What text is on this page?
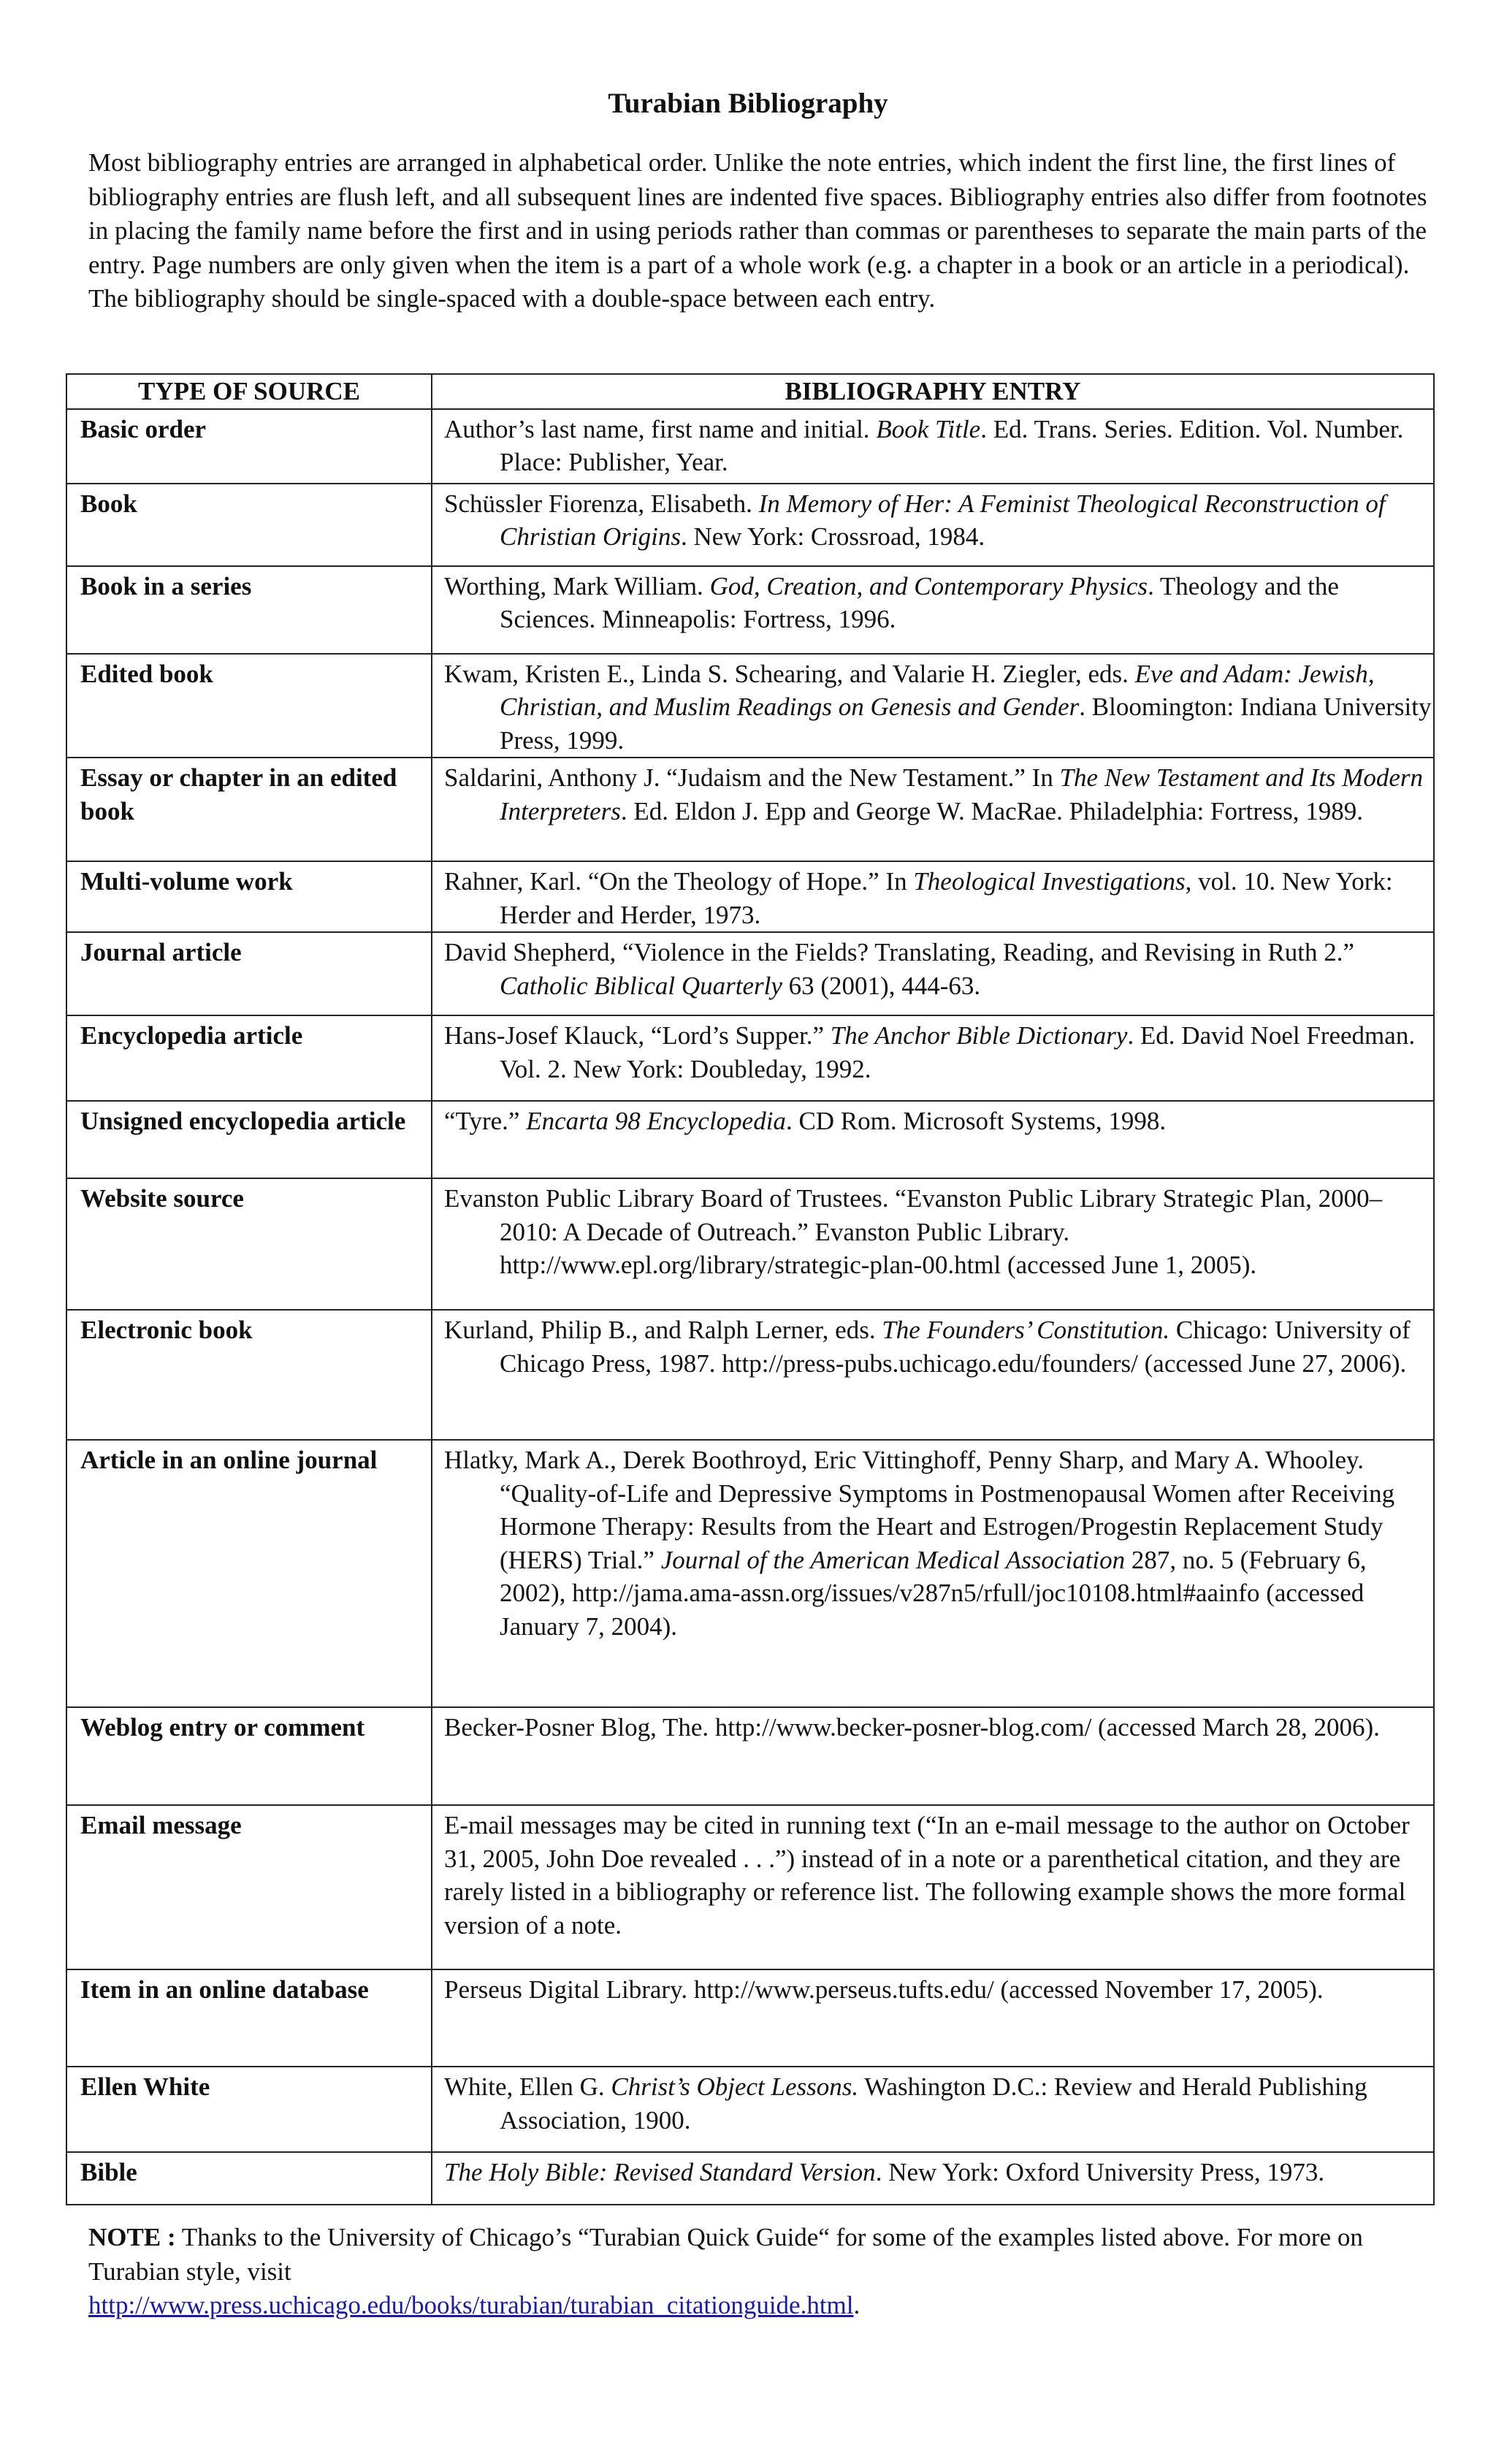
Turabian Bibliography
Most bibliography entries are arranged in alphabetical order. Unlike the note entries, which indent the first line, the first lines of bibliography entries are flush left, and all subsequent lines are indented five spaces. Bibliography entries also differ from footnotes in placing the family name before the first and in using periods rather than commas or parentheses to separate the main parts of the entry. Page numbers are only given when the item is a part of a whole work (e.g. a chapter in a book or an article in a periodical). The bibliography should be single-spaced with a double-space between each entry.
TYPE OF SOURCE	BIBLIOGRAPHY ENTRY
Basic order	Author’s last name, first name and initial. Book Title. Ed. Trans. Series. Edition. Vol. Number. Place: Publisher, Year.

Book	Schüssler Fiorenza, Elisabeth. In Memory of Her: A Feminist Theological Reconstruction of Christian Origins. New York: Crossroad, 1984.

Book in a series	Worthing, Mark William. God, Creation, and Contemporary Physics. Theology and the Sciences. Minneapolis: Fortress, 1996.

Edited book	Kwam, Kristen E., Linda S. Schearing, and Valarie H. Ziegler, eds. Eve and Adam: Jewish, Christian, and Muslim Readings on Genesis and Gender. Bloomington: Indiana University Press, 1999.

Essay or chapter in an edited book	Saldarini, Anthony J. “Judaism and the New Testament.” In The New Testament and Its Modern Interpreters. Ed. Eldon J. Epp and George W. MacRae. Philadelphia: Fortress, 1989.

Multi-volume work	Rahner, Karl. “On the Theology of Hope.” In Theological Investigations, vol. 10. New York: Herder and Herder, 1973.

Journal article	David Shepherd, “Violence in the Fields? Translating, Reading, and Revising in Ruth 2.” Catholic Biblical Quarterly 63 (2001), 444-63.

Encyclopedia article	Hans-Josef Klauck, “Lord’s Supper.” The Anchor Bible Dictionary. Ed. David Noel Freedman. Vol. 2. New York: Doubleday, 1992.

Unsigned encyclopedia article	“Tyre.” Encarta 98 Encyclopedia. CD Rom. Microsoft Systems, 1998.

Website source	Evanston Public Library Board of Trustees. “Evanston Public Library Strategic Plan, 2000–2010: A Decade of Outreach.” Evanston Public Library. http://www.epl.org/library/strategic-plan-00.html (accessed June 1, 2005).

Electronic book	Kurland, Philip B., and Ralph Lerner, eds. The Founders’ Constitution. Chicago: University of Chicago Press, 1987. http://press-pubs.uchicago.edu/founders/ (accessed June 27, 2006).

Article in an online journal	Hlatky, Mark A., Derek Boothroyd, Eric Vittinghoff, Penny Sharp, and Mary A. Whooley. “Quality-of-Life and Depressive Symptoms in Postmenopausal Women after Receiving Hormone Therapy: Results from the Heart and Estrogen/Progestin Replacement Study (HERS) Trial.” Journal of the American Medical Association 287, no. 5 (February 6, 2002), http://jama.ama-assn.org/issues/v287n5/rfull/joc10108.html#aainfo (accessed January 7, 2004).

Weblog entry or comment	Becker-Posner Blog, The. http://www.becker-posner-blog.com/ (accessed March 28, 2006).

Email message	E-mail messages may be cited in running text (“In an e-mail message to the author on October 31, 2005, John Doe revealed . . .”) instead of in a note or a parenthetical citation, and they are rarely listed in a bibliography or reference list. The following example shows the more formal version of a note.

Item in an online database	Perseus Digital Library. http://www.perseus.tufts.edu/ (accessed November 17, 2005).

Ellen White	White, Ellen G. Christ’s Object Lessons. Washington D.C.: Review and Herald Publishing Association, 1900.

Bible	The Holy Bible: Revised Standard Version. New York: Oxford University Press, 1973.
NOTE : Thanks to the University of Chicago’s “Turabian Quick Guide“ for some of the examples listed above. For more on Turabian style, visit
http://www.press.uchicago.edu/books/turabian/turabian_citationguide.html.
